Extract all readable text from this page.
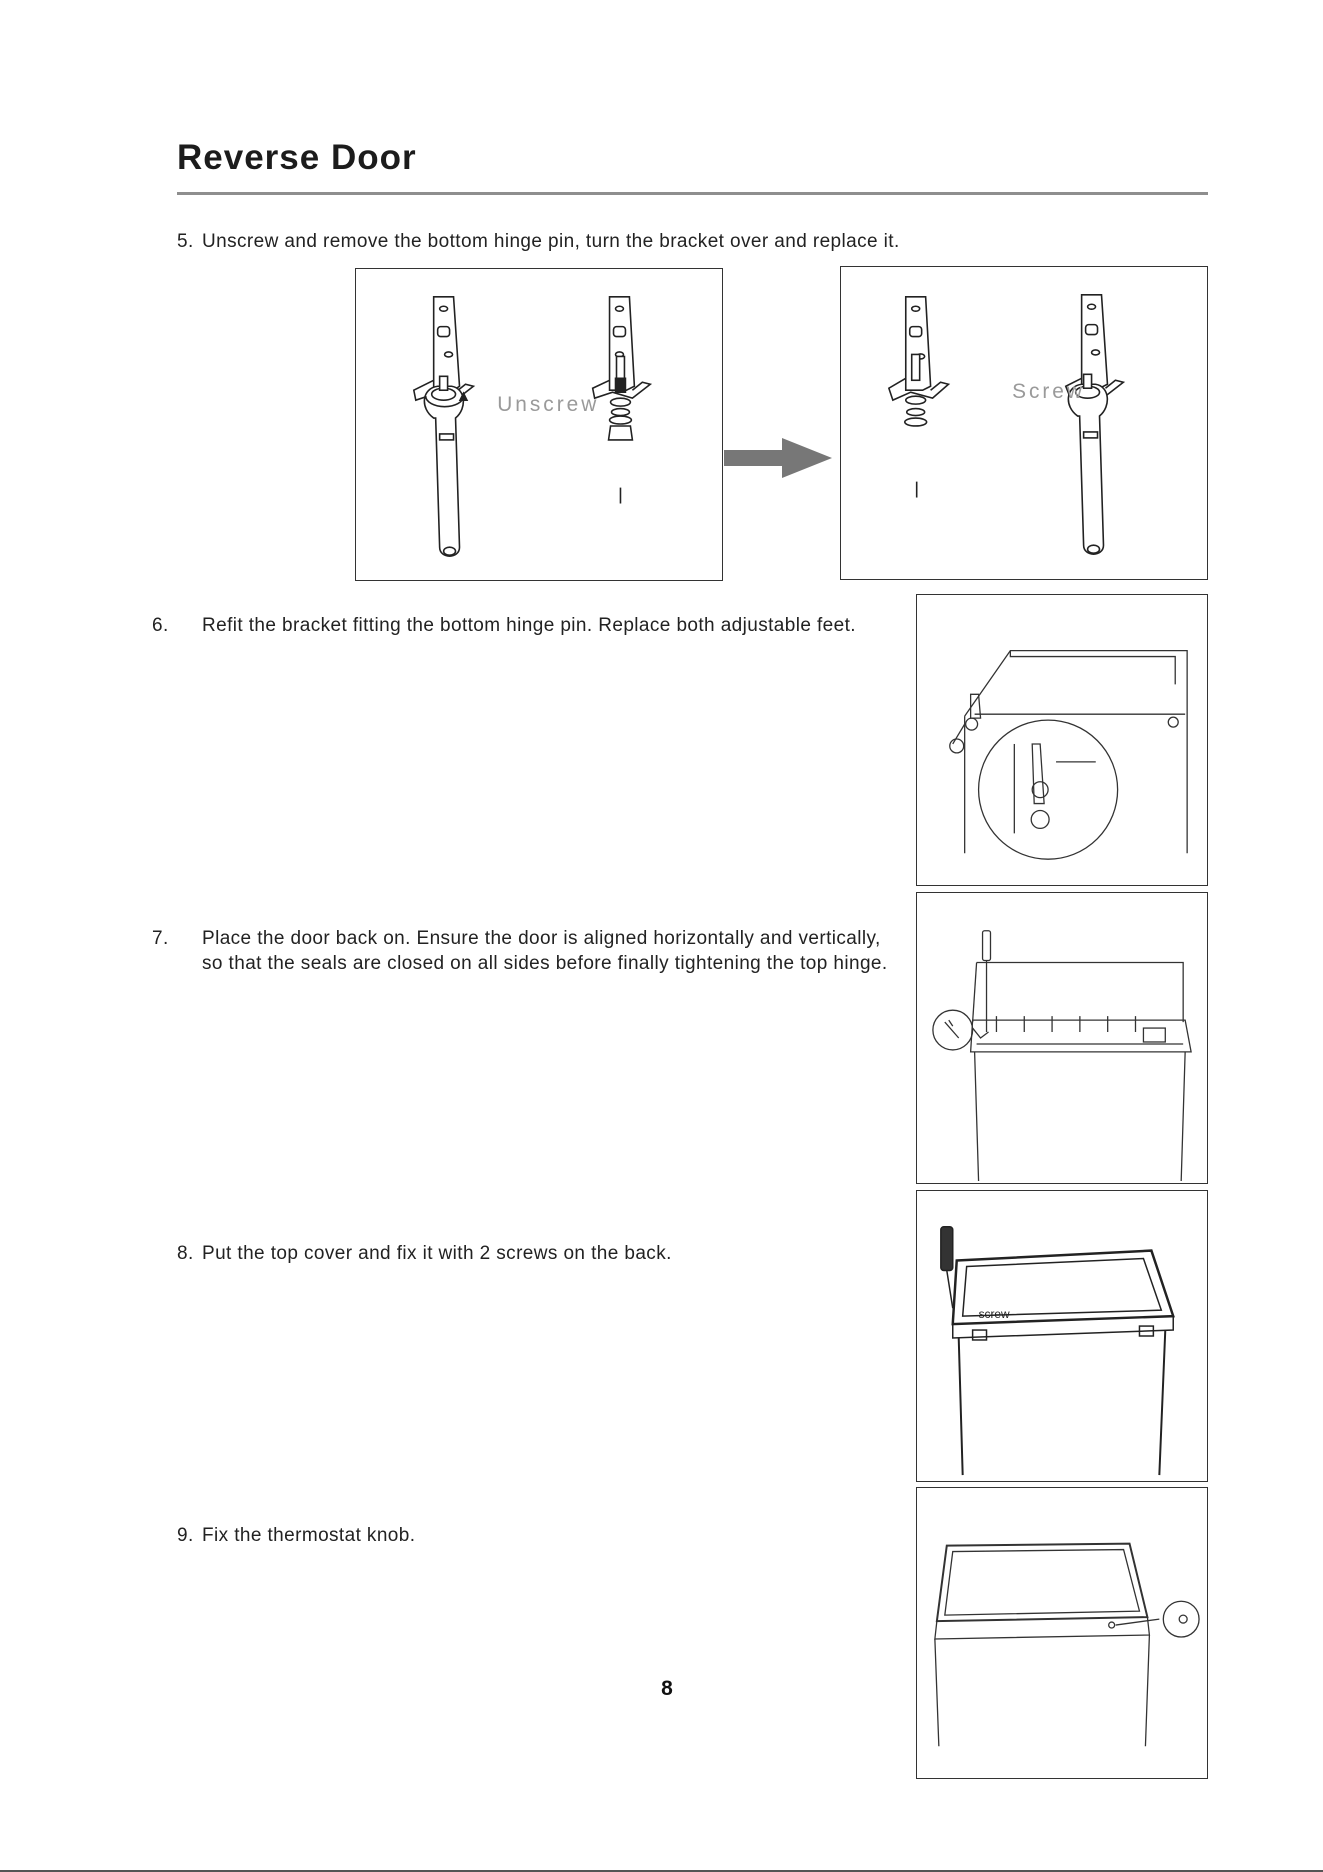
Reverse Door

5. Unscrew and remove the bottom hinge pin, turn the bracket over and replace it.

Unscrew
Screw

6. Refit the bracket fitting the bottom hinge pin. Replace both adjustable feet.

7. Place the door back on. Ensure the door is aligned horizontally and vertically, so that the seals are closed on all sides before finally tightening the top hinge.

8. Put the top cover and fix it with 2 screws on the back.

screw

9. Fix the thermostat knob.

8
